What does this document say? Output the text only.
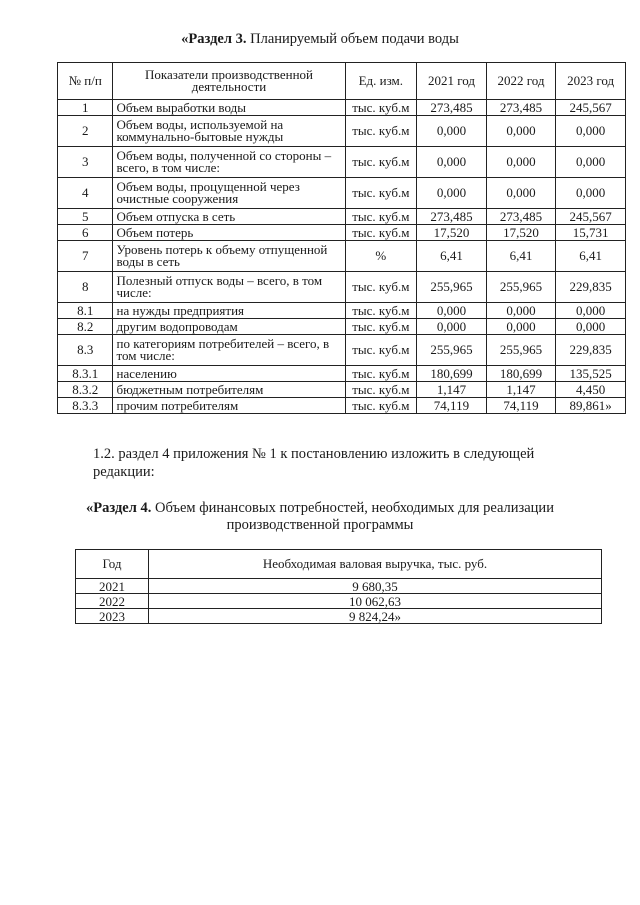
«Раздел 3. Планируемый объем подачи воды
№ п/п	Показатели производственной деятельности	Ед. изм.	2021 год	2022 год	2023 год
1	Объем выработки воды	тыс. куб.м	273,485	273,485	245,567
2	Объем воды, используемой на коммунально-бытовые нужды	тыс. куб.м	0,000	0,000	0,000
3	Объем воды, полученной со стороны – всего, в том числе:	тыс. куб.м	0,000	0,000	0,000
4	Объем воды, процущенной через очистные сооружения	тыс. куб.м	0,000	0,000	0,000
5	Объем отпуска в сеть	тыс. куб.м	273,485	273,485	245,567
6	Объем потерь	тыс. куб.м	17,520	17,520	15,731
7	Уровень потерь к объему отпущенной воды в сеть	%	6,41	6,41	6,41
8	Полезный отпуск воды – всего, в том числе:	тыс. куб.м	255,965	255,965	229,835
8.1	на нужды предприятия	тыс. куб.м	0,000	0,000	0,000
8.2	другим водопроводам	тыс. куб.м	0,000	0,000	0,000
8.3	по категориям потребителей – всего, в том числе:	тыс. куб.м	255,965	255,965	229,835
8.3.1	населению	тыс. куб.м	180,699	180,699	135,525
8.3.2	бюджетным потребителям	тыс. куб.м	1,147	1,147	4,450
8.3.3	прочим потребителям	тыс. куб.м	74,119	74,119	89,861»
1.2. раздел 4 приложения № 1 к постановлению изложить в следующей
редакции:
«Раздел 4. Объем финансовых потребностей, необходимых для реализации
производственной программы
Год	Необходимая валовая выручка, тыс. руб.
2021	9 680,35
2022	10 062,63
2023	9 824,24»
